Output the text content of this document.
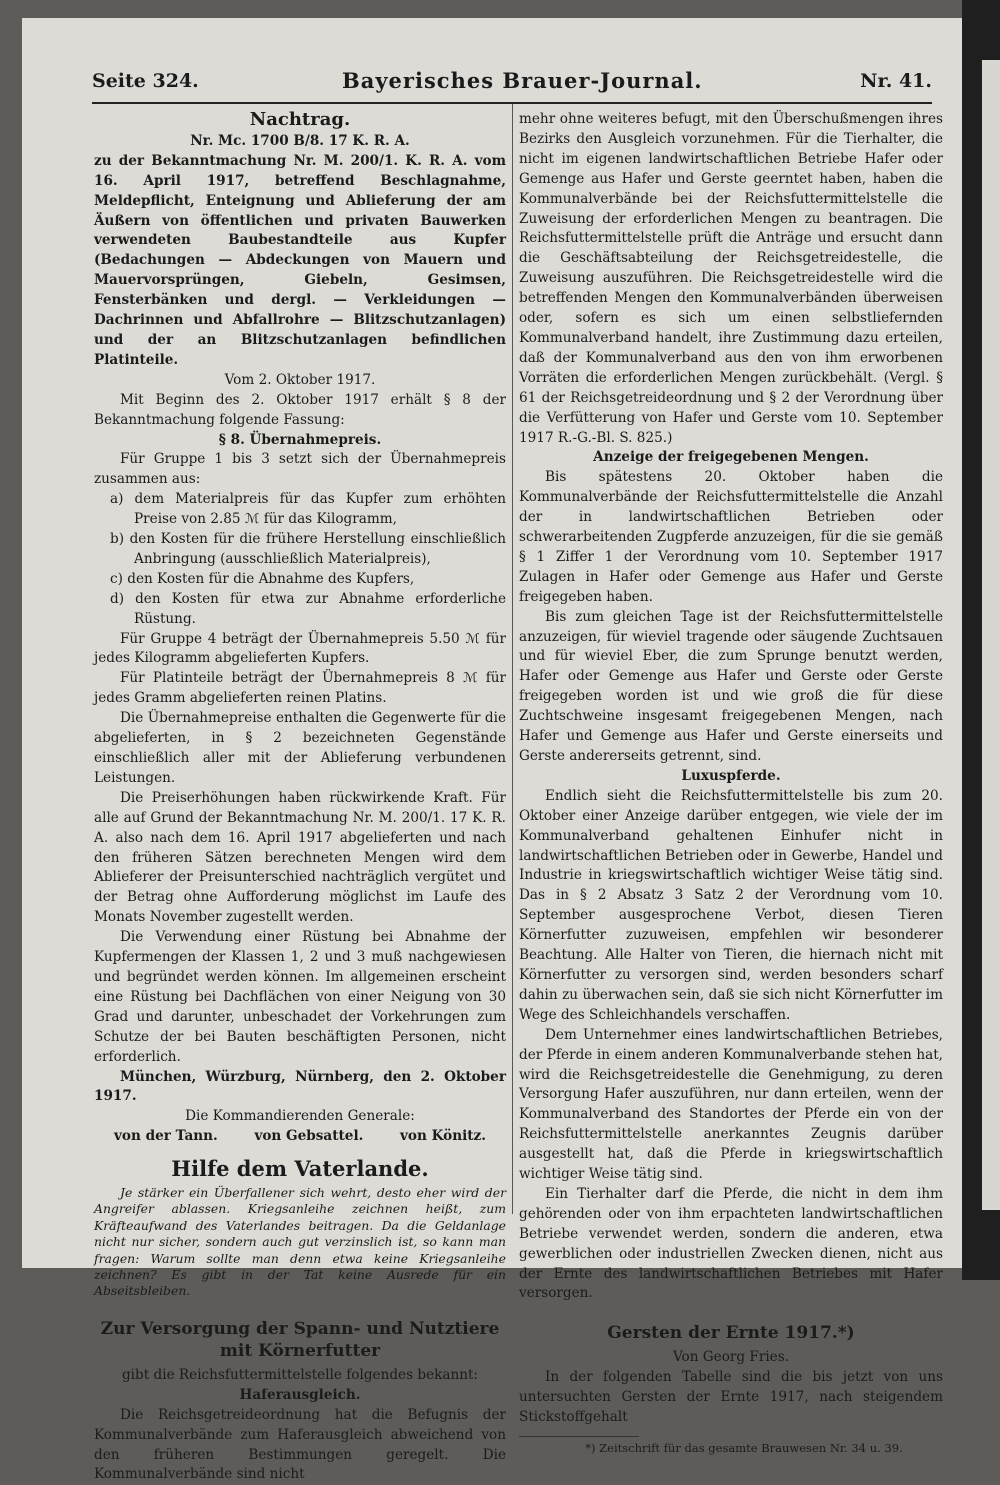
Seite 324.	Bayerisches Brauer-Journal.	Nr. 41.
Nachtrag.

Nr. Mc. 1700 B/8. 17 K. R. A.

zu der Bekanntmachung Nr. M. 200/1. K. R. A. vom 16. April 1917, betreffend Beschlagnahme, Meldepflicht, Enteignung und Ablieferung der am Äußern von öffentlichen und privaten Bauwerken verwendeten Baubestandteile aus Kupfer (Bedachungen — Abdeckungen von Mauern und Mauervorsprüngen, Giebeln, Gesimsen, Fensterbänken und dergl. — Verkleidungen — Dachrinnen und Abfallrohre — Blitzschutzanlagen) und der an Blitzschutzanlagen befindlichen Platinteile.

Vom 2. Oktober 1917.

Mit Beginn des 2. Oktober 1917 erhält § 8 der Bekanntmachung folgende Fassung:

§ 8. Übernahmepreis.

Für Gruppe 1 bis 3 setzt sich der Übernahmepreis zusammen aus:

a) dem Materialpreis für das Kupfer zum erhöhten Preise von 2.85 ℳ für das Kilogramm,

b) den Kosten für die frühere Herstellung einschließlich Anbringung (ausschließlich Materialpreis),

c) den Kosten für die Abnahme des Kupfers,

d) den Kosten für etwa zur Abnahme erforderliche Rüstung.

Für Gruppe 4 beträgt der Übernahmepreis 5.50 ℳ für jedes Kilogramm abgelieferten Kupfers.

Für Platinteile beträgt der Übernahmepreis 8 ℳ für jedes Gramm abgelieferten reinen Platins.

Die Übernahmepreise enthalten die Gegenwerte für die abgelieferten, in § 2 bezeichneten Gegenstände einschließlich aller mit der Ablieferung verbundenen Leistungen.

Die Preiserhöhungen haben rückwirkende Kraft. Für alle auf Grund der Bekanntmachung Nr. M. 200/1. 17 K. R. A. also nach dem 16. April 1917 abgelieferten und nach den früheren Sätzen berechneten Mengen wird dem Ablieferer der Preisunterschied nachträglich vergütet und der Betrag ohne Aufforderung möglichst im Laufe des Monats November zugestellt werden.

Die Verwendung einer Rüstung bei Abnahme der Kupfermengen der Klassen 1, 2 und 3 muß nachgewiesen und begründet werden können. Im allgemeinen erscheint eine Rüstung bei Dachflächen von einer Neigung von 30 Grad und darunter, unbeschadet der Vorkehrungen zum Schutze der bei Bauten beschäftigten Personen, nicht erforderlich.

München, Würzburg, Nürnberg, den 2. Oktober 1917.

Die Kommandierenden Generale:

von der Tann.	von Gebsattel.	von Könitz.
Hilfe dem Vaterlande.

Je stärker ein Überfallener sich wehrt, desto eher wird der Angreifer ablassen. Kriegsanleihe zeichnen heißt, zum Kräfteaufwand des Vaterlandes beitragen. Da die Geldanlage nicht nur sicher, sondern auch gut verzinslich ist, so kann man fragen: Warum sollte man denn etwa keine Kriegsanleihe zeichnen? Es gibt in der Tat keine Ausrede für ein Abseitsbleiben.

Zur Versorgung der Spann- und Nutztiere mit Körnerfutter

gibt die Reichsfuttermittelstelle folgendes bekannt:

Haferausgleich.

Die Reichsgetreideordnung hat die Befugnis der Kommunalverbände zum Haferausgleich abweichend von den früheren Bestimmungen geregelt. Die Kommunalverbände sind nicht

mehr ohne weiteres befugt, mit den Überschußmengen ihres Bezirks den Ausgleich vorzunehmen. Für die Tierhalter, die nicht im eigenen landwirtschaftlichen Betriebe Hafer oder Gemenge aus Hafer und Gerste geerntet haben, haben die Kommunalverbände bei der Reichsfuttermittelstelle die Zuweisung der erforderlichen Mengen zu beantragen. Die Reichsfuttermittelstelle prüft die Anträge und ersucht dann die Geschäftsabteilung der Reichsgetreidestelle, die Zuweisung auszuführen. Die Reichsgetreidestelle wird die betreffenden Mengen den Kommunalverbänden überweisen oder, sofern es sich um einen selbstliefernden Kommunalverband handelt, ihre Zustimmung dazu erteilen, daß der Kommunalverband aus den von ihm erworbenen Vorräten die erforderlichen Mengen zurückbehält. (Vergl. § 61 der Reichsgetreideordnung und § 2 der Verordnung über die Verfütterung von Hafer und Gerste vom 10. September 1917 R.-G.-Bl. S. 825.)

Anzeige der freigegebenen Mengen.

Bis spätestens 20. Oktober haben die Kommunalverbände der Reichsfuttermittelstelle die Anzahl der in landwirtschaftlichen Betrieben oder schwerarbeitenden Zugpferde anzuzeigen, für die sie gemäß § 1 Ziffer 1 der Verordnung vom 10. September 1917 Zulagen in Hafer oder Gemenge aus Hafer und Gerste freigegeben haben.

Bis zum gleichen Tage ist der Reichsfuttermittelstelle anzuzeigen, für wieviel tragende oder säugende Zuchtsauen und für wieviel Eber, die zum Sprunge benutzt werden, Hafer oder Gemenge aus Hafer und Gerste oder Gerste freigegeben worden ist und wie groß die für diese Zuchtschweine insgesamt freigegebenen Mengen, nach Hafer und Gemenge aus Hafer und Gerste einerseits und Gerste andererseits getrennt, sind.

Luxuspferde.

Endlich sieht die Reichsfuttermittelstelle bis zum 20. Oktober einer Anzeige darüber entgegen, wie viele der im Kommunalverband gehaltenen Einhufer nicht in landwirtschaftlichen Betrieben oder in Gewerbe, Handel und Industrie in kriegswirtschaftlich wichtiger Weise tätig sind. Das in § 2 Absatz 3 Satz 2 der Verordnung vom 10. September ausgesprochene Verbot, diesen Tieren Körnerfutter zuzuweisen, empfehlen wir besonderer Beachtung. Alle Halter von Tieren, die hiernach nicht mit Körnerfutter zu versorgen sind, werden besonders scharf dahin zu überwachen sein, daß sie sich nicht Körnerfutter im Wege des Schleichhandels verschaffen.

Dem Unternehmer eines landwirtschaftlichen Betriebes, der Pferde in einem anderen Kommunalverbande stehen hat, wird die Reichsgetreidestelle die Genehmigung, zu deren Versorgung Hafer auszuführen, nur dann erteilen, wenn der Kommunalverband des Standortes der Pferde ein von der Reichsfuttermittelstelle anerkanntes Zeugnis darüber ausgestellt hat, daß die Pferde in kriegswirtschaftlich wichtiger Weise tätig sind.

Ein Tierhalter darf die Pferde, die nicht in dem ihm gehörenden oder von ihm erpachteten landwirtschaftlichen Betriebe verwendet werden, sondern die anderen, etwa gewerblichen oder industriellen Zwecken dienen, nicht aus der Ernte des landwirtschaftlichen Betriebes mit Hafer versorgen.

Gersten der Ernte 1917.*)

Von Georg Fries.

In der folgenden Tabelle sind die bis jetzt von uns untersuchten Gersten der Ernte 1917, nach steigendem Stickstoffgehalt

*) Zeitschrift für das gesamte Brauwesen Nr. 34 u. 39.
